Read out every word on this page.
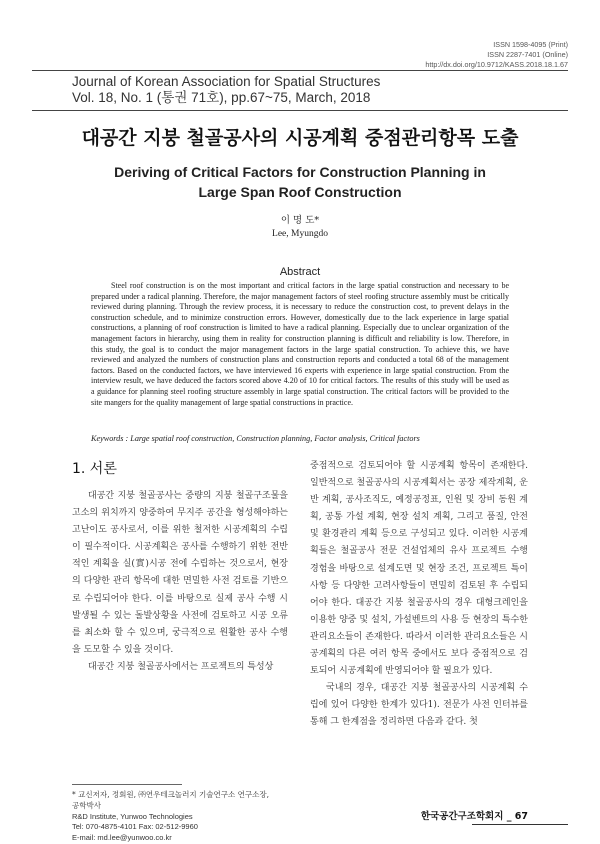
ISSN 1598-4095 (Print)
ISSN 2287-7401 (Online)
http://dx.doi.org/10.9712/KASS.2018.18.1.67
Journal of Korean Association for Spatial Structures
Vol. 18, No. 1 (통권 71호), pp.67~75, March, 2018
대공간 지붕 철골공사의 시공계획 중점관리항목 도출
Deriving of Critical Factors for Construction Planning in
Large Span Roof Construction
이 명 도*
Lee, Myungdo
Abstract
Steel roof construction is on the most important and critical factors in the large spatial construction and necessary to be prepared under a radical planning. Therefore, the major management factors of steel roofing structure assembly must be critically reviewed during planning. Through the review process, it is necessary to reduce the construction cost, to prevent delays in the construction schedule, and to minimize construction errors. However, domestically due to the lack experience in large spatial constructions, a planning of roof construction is limited to have a radical planning. Especially due to unclear organization of the management factors in hierarchy, using them in reality for construction planning is difficult and reliability is low. Therefore, in this study, the goal is to conduct the major management factors in the large spatial construction. To achieve this, we have reviewed and analyzed the numbers of construction plans and construction reports and conducted a total 68 of the management factors. Based on the conducted factors, we have interviewed 16 experts with experience in large spatial construction. From the interview result, we have deduced the factors scored above 4.20 of 10 for critical factors. The results of this study will be used as a guidance for planning steel roofing structure assembly in large spatial construction. The critical factors will be provided to the site mangers for the quality management of large spatial constructions in practice.
Keywords : Large spatial roof construction, Construction planning, Factor analysis, Critical factors
1. 서론

대공간 지붕 철골공사는 중량의 지붕 철골구조물을 고소의 위치까지 양중하여 무지주 공간을 형성해야하는 고난이도 공사로서, 이를 위한 철저한 시공계획의 수립이 필수적이다. 시공계획은 공사를 수행하기 위한 전반적인 계획을 실(實)시공 전에 수립하는 것으로서, 현장의 다양한 관리 항목에 대한 면밀한 사전 검토를 기반으로 수립되어야 한다. 이를 바탕으로 실제 공사 수행 시 발생될 수 있는 돌발상황을 사전에 검토하고 시공 오류를 최소화 할 수 있으며, 궁극적으로 원활한 공사 수행을 도모할 수 있을 것이다.

대공간 지붕 철골공사에서는 프로젝트의 특성상

중점적으로 검토되어야 할 시공계획 항목이 존재한다. 일반적으로 철골공사의 시공계획서는 공장 제작계획, 운반 계획, 공사조직도, 예정공정표, 인원 및 장비 동원 계획, 공통 가설 계획, 현장 설치 계획, 그리고 품질, 안전 및 환경관리 계획 등으로 구성되고 있다. 이러한 시공계획들은 철골공사 전문 건설업체의 유사 프로젝트 수행 경험을 바탕으로 설계도면 및 현장 조건, 프로젝트 특이사항 등 다양한 고려사항들이 면밀히 검토된 후 수립되어야 한다. 대공간 지붕 철골공사의 경우 대형크레인을 이용한 양중 및 설치, 가설벤트의 사용 등 현장의 특수한 관리요소들이 존재한다. 따라서 이러한 관리요소들은 시공계획의 다른 여러 항목 중에서도 보다 중점적으로 검토되어 시공계획에 반영되어야 할 필요가 있다.

국내의 경우, 대공간 지붕 철골공사의 시공계획 수립에 있어 다양한 한계가 있다1). 전문가 사전 인터뷰를 통해 그 한계점을 정리하면 다음과 같다. 첫

* 교신저자, 정회원, ㈜연우테크놀러지 기술연구소 연구소장,
공학박사
R&D Institute, Yunwoo Technologies
Tel: 070-4875-4101 Fax: 02-512-9960
E-mail: md.lee@yunwoo.co.kr
한국공간구조학회지 _ 67
